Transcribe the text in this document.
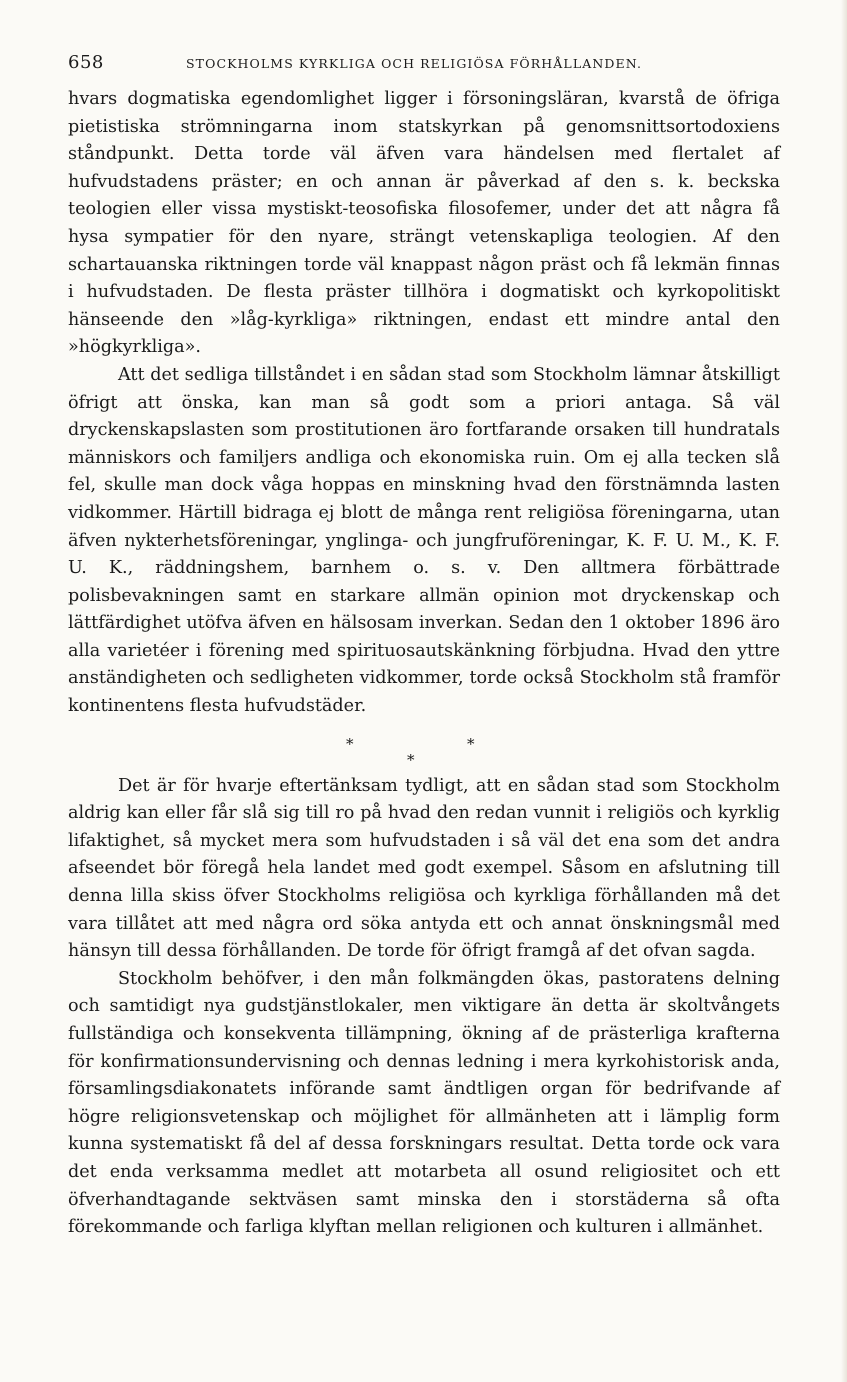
658	STOCKHOLMS KYRKLIGA OCH RELIGIÖSA FÖRHÅLLANDEN.

hvars dogmatiska egendomlighet ligger i försoningsläran, kvarstå de öfriga pietistiska strömningarna inom statskyrkan på genomsnittsortodoxiens ståndpunkt. Detta torde väl äfven vara händelsen med flertalet af hufvudstadens präster; en och annan är påverkad af den s. k. beckska teologien eller vissa mystiskt-teosofiska filosofemer, under det att några få hysa sympatier för den nyare, strängt vetenskapliga teologien. Af den schartauanska riktningen torde väl knappast någon präst och få lekmän finnas i hufvudstaden. De flesta präster tillhöra i dogmatiskt och kyrkopolitiskt hänseende den »låg-kyrkliga» riktningen, endast ett mindre antal den »högkyrkliga».

Att det sedliga tillståndet i en sådan stad som Stockholm lämnar åtskilligt öfrigt att önska, kan man så godt som a priori antaga. Så väl dryckenskapslasten som prostitutionen äro fortfarande orsaken till hundratals människors och familjers andliga och ekonomiska ruin. Om ej alla tecken slå fel, skulle man dock våga hoppas en minskning hvad den förstnämnda lasten vidkommer. Härtill bidraga ej blott de många rent religiösa föreningarna, utan äfven nykterhetsföreningar, ynglinga- och jungfruföreningar, K. F. U. M., K. F. U. K., räddningshem, barnhem o. s. v. Den alltmera förbättrade polisbevakningen samt en starkare allmän opinion mot dryckenskap och lättfärdighet utöfva äfven en hälsosam inverkan. Sedan den 1 oktober 1896 äro alla varietéer i förening med spirituosautskänkning förbjudna. Hvad den yttre anständigheten och sedligheten vidkommer, torde också Stockholm stå framför kontinentens flesta hufvudstäder.

*	*
*

Det är för hvarje eftertänksam tydligt, att en sådan stad som Stockholm aldrig kan eller får slå sig till ro på hvad den redan vunnit i religiös och kyrklig lifaktighet, så mycket mera som hufvudstaden i så väl det ena som det andra afseendet bör föregå hela landet med godt exempel. Såsom en afslutning till denna lilla skiss öfver Stockholms religiösa och kyrkliga förhållanden må det vara tillåtet att med några ord söka antyda ett och annat önskningsmål med hänsyn till dessa förhållanden. De torde för öfrigt framgå af det ofvan sagda.

Stockholm behöfver, i den mån folkmängden ökas, pastoratens delning och samtidigt nya gudstjänstlokaler, men viktigare än detta är skoltvångets fullständiga och konsekventa tillämpning, ökning af de prästerliga krafterna för konfirmationsundervisning och dennas ledning i mera kyrkohistorisk anda, församlingsdiakonatets införande samt ändtligen organ för bedrifvande af högre religionsvetenskap och möjlighet för allmänheten att i lämplig form kunna systematiskt få del af dessa forskningars resultat. Detta torde ock vara det enda verksamma medlet att motarbeta all osund religiositet och ett öfverhandtagande sektväsen samt minska den i storstäderna så ofta förekommande och farliga klyftan mellan religionen och kulturen i allmänhet.
